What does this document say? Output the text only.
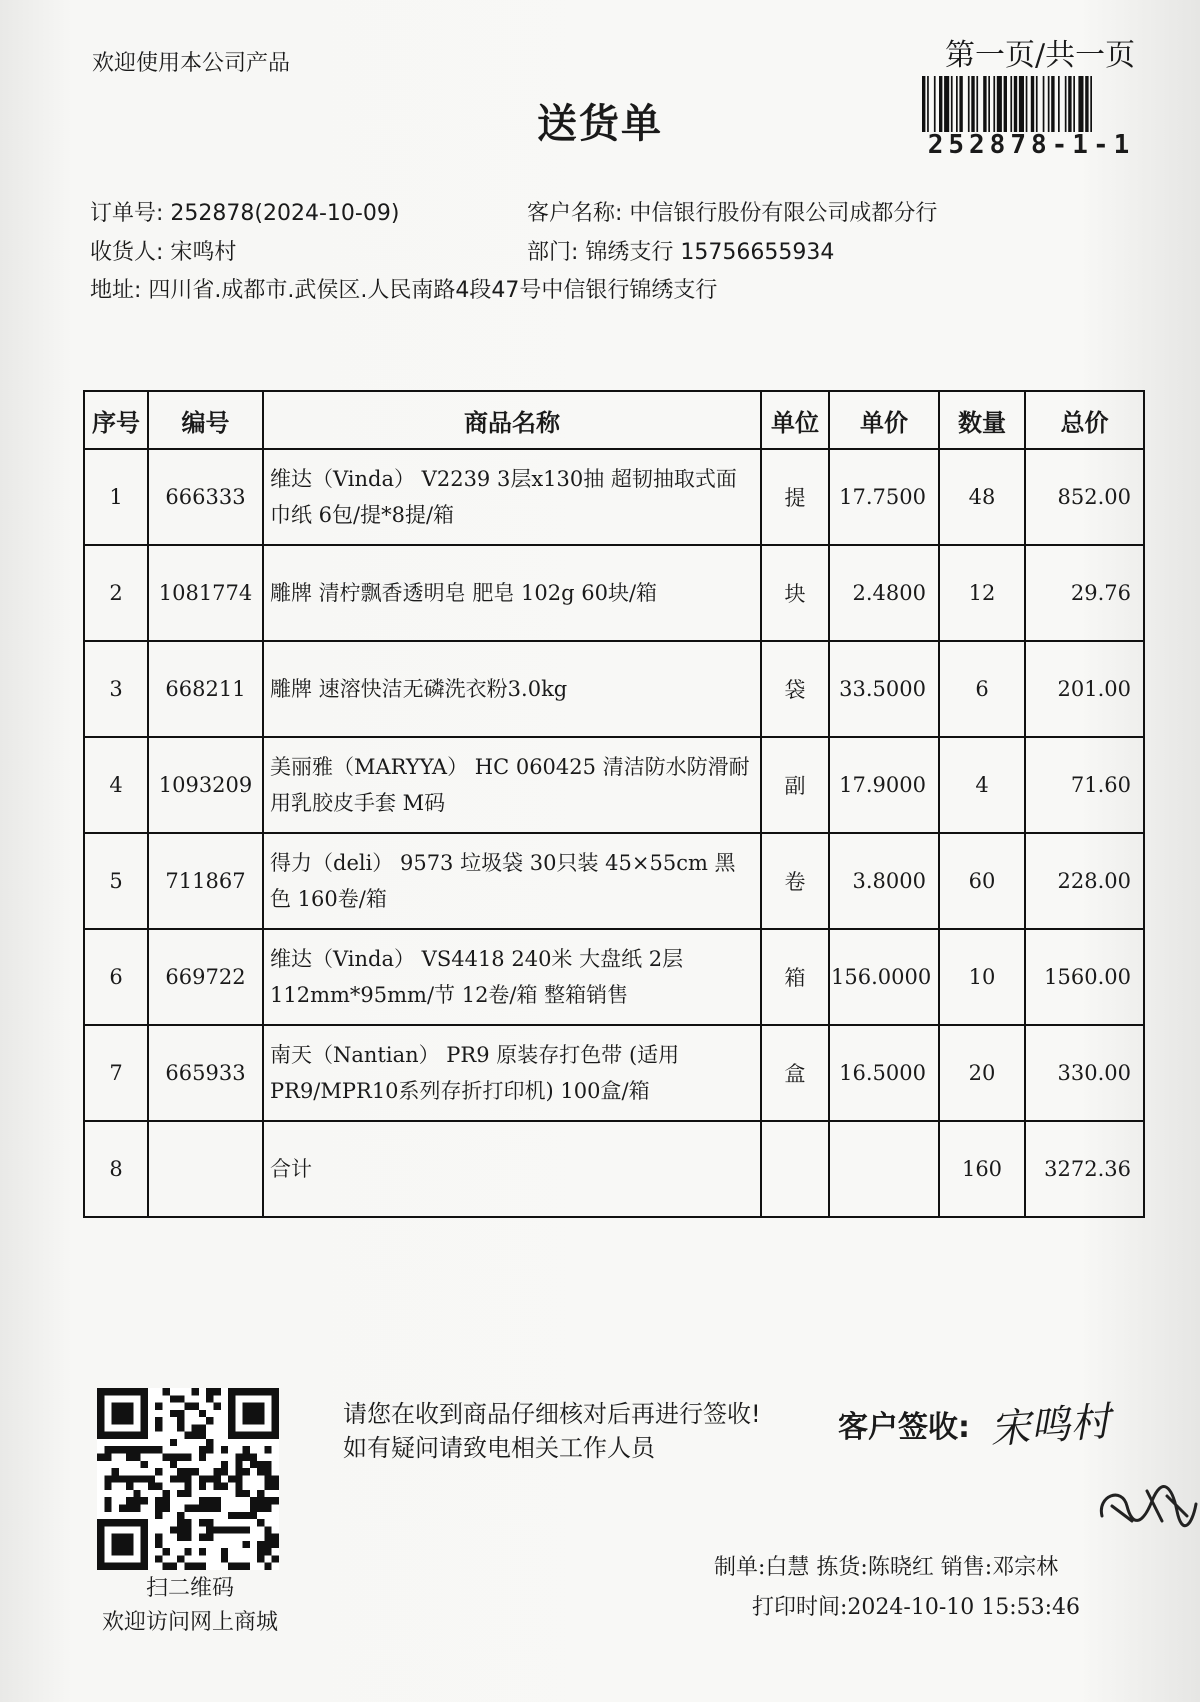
欢迎使用本公司产品	第一页/共一页
252878-1-1
送货单
订单号: 252878(2024-10-09)	客户名称: 中信银行股份有限公司成都分行
收货人: 宋鸣村	部门: 锦绣支行 15756655934
地址: 四川省.成都市.武侯区.人民南路4段47号中信银行锦绣支行
序号	编号	商品名称	单位	单价	数量	总价
1	666333	维达（Vinda） V2239 3层x130抽 超韧抽取式面巾纸 6包/提*8提/箱	提	17.7500	48	852.00
2	1081774	雕牌 清柠飘香透明皂 肥皂 102g 60块/箱	块	2.4800	12	29.76
3	668211	雕牌 速溶快洁无磷洗衣粉3.0kg	袋	33.5000	6	201.00
4	1093209	美丽雅（MARYYA） HC 060425 清洁防水防滑耐用乳胶皮手套 M码	副	17.9000	4	71.60
5	711867	得力（deli） 9573 垃圾袋 30只装 45×55cm 黑色 160卷/箱	卷	3.8000	60	228.00
6	669722	维达（Vinda） VS4418 240米 大盘纸 2层 112mm*95mm/节 12卷/箱 整箱销售	箱	156.0000	10	1560.00
7	665933	南天（Nantian） PR9 原装存打色带 (适用PR9/MPR10系列存折打印机) 100盒/箱	盒	16.5000	20	330.00
8		合计			160	3272.36
扫二维码
欢迎访问网上商城
请您在收到商品仔细核对后再进行签收! 如有疑问请致电相关工作人员
客户签收: 宋鸣村
制单:白慧 拣货:陈晓红 销售:邓宗林
打印时间:2024-10-10 15:53:46
